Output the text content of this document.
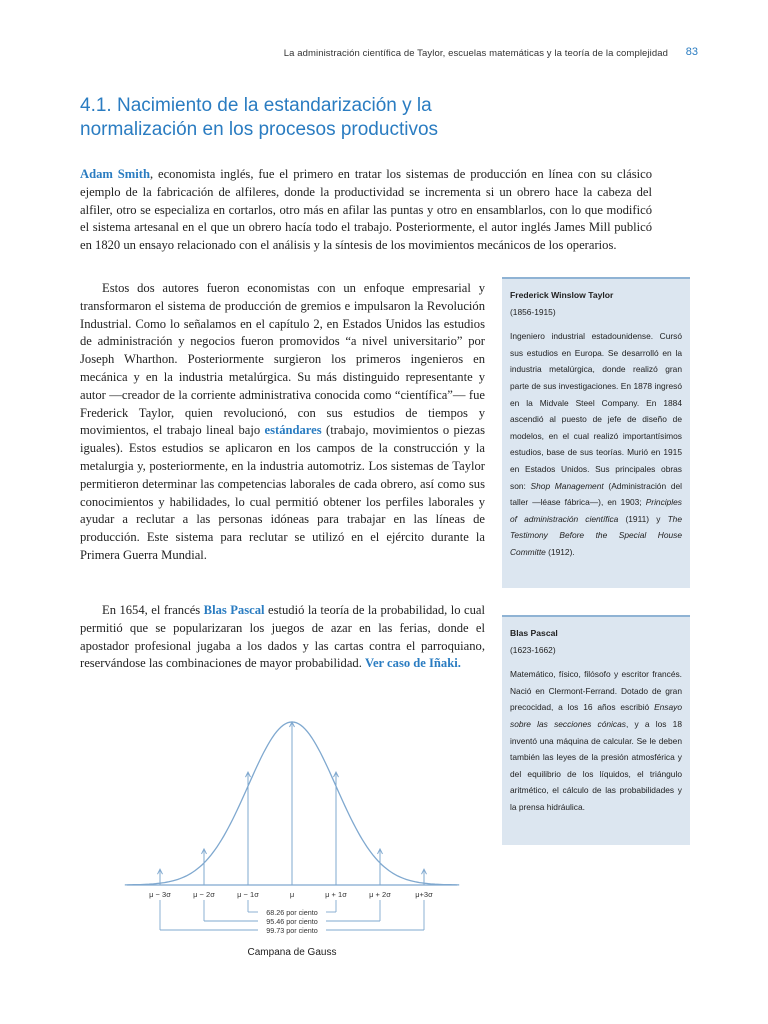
La administración científica de Taylor, escuelas matemáticas y la teoría de la complejidad	83
4.1. Nacimiento de la estandarización y la normalización en los procesos productivos
Adam Smith, economista inglés, fue el primero en tratar los sistemas de producción en línea con su clásico ejemplo de la fabricación de alfileres, donde la productividad se incrementa si un obrero hace la cabeza del alfiler, otro se especializa en cortarlos, otro más en afilar las puntas y otro en ensamblarlos, con lo que modificó el sistema artesanal en el que un obrero hacía todo el trabajo. Posteriormente, el autor inglés James Mill publicó en 1820 un ensayo relacionado con el análisis y la síntesis de los movimientos mecánicos de los operarios.
Estos dos autores fueron economistas con un enfoque empresarial y transformaron el sistema de producción de gremios e impulsaron la Revolución Industrial. Como lo señalamos en el capítulo 2, en Estados Unidos las estudios de administración y negocios fueron promovidos “a nivel universitario” por Joseph Wharthon. Posteriormente surgieron los primeros ingenieros en mecánica y en la industria metalúrgica. Su más distinguido representante y autor —creador de la corriente administrativa conocida como “científica”— fue Frederick Taylor, quien revolucionó, con sus estudios de tiempos y movimientos, el trabajo lineal bajo estándares (trabajo, movimientos o piezas iguales). Estos estudios se aplicaron en los campos de la construcción y la metalurgia y, posteriormente, en la industria automotriz. Los sistemas de Taylor permitieron determinar las competencias laborales de cada obrero, así como sus conocimientos y habilidades, lo cual permitió obtener los perfiles laborales y ayudar a reclutar a las personas idóneas para trabajar en las líneas de producción. Este sistema para reclutar se utilizó en el ejército durante la Primera Guerra Mundial.
En 1654, el francés Blas Pascal estudió la teoría de la probabilidad, lo cual permitió que se popularizaran los juegos de azar en las ferias, donde el apostador profesional jugaba a los dados y las cartas contra el parroquiano, reservándose las combinaciones de mayor probabilidad. Ver caso de Iñaki.
Frederick Winslow Taylor
(1856-1915)
Ingeniero industrial estadounidense. Cursó sus estudios en Europa. Se desarrolló en la industria metalúrgica, donde realizó gran parte de sus investigaciones. En 1878 ingresó en la Midvale Steel Company. En 1884 ascendió al puesto de jefe de diseño de modelos, en el cual realizó importantísimos estudios, base de sus teorías. Murió en 1915 en Estados Unidos. Sus principales obras son: Shop Management (Administración del taller —léase fábrica—), en 1903; Principles of administración científica (1911) y The Testimony Before the Special House Committe (1912).
Blas Pascal
(1623-1662)
Matemático, físico, filósofo y escritor francés. Nació en Clermont-Ferrand. Dotado de gran precocidad, a los 16 años escribió Ensayo sobre las secciones cónicas, y a los 18 inventó una máquina de calcular. Se le deben también las leyes de la presión atmosférica y del equilibrio de los líquidos, el triángulo aritmético, el cálculo de las probabilidades y la prensa hidráulica.
μ − 3σ	μ − 2σ	μ − 1σ	μ	μ + 1σ	μ + 2σ	μ+3σ
68.26 por ciento
95.46 por ciento
99.73 por ciento
Campana de Gauss
